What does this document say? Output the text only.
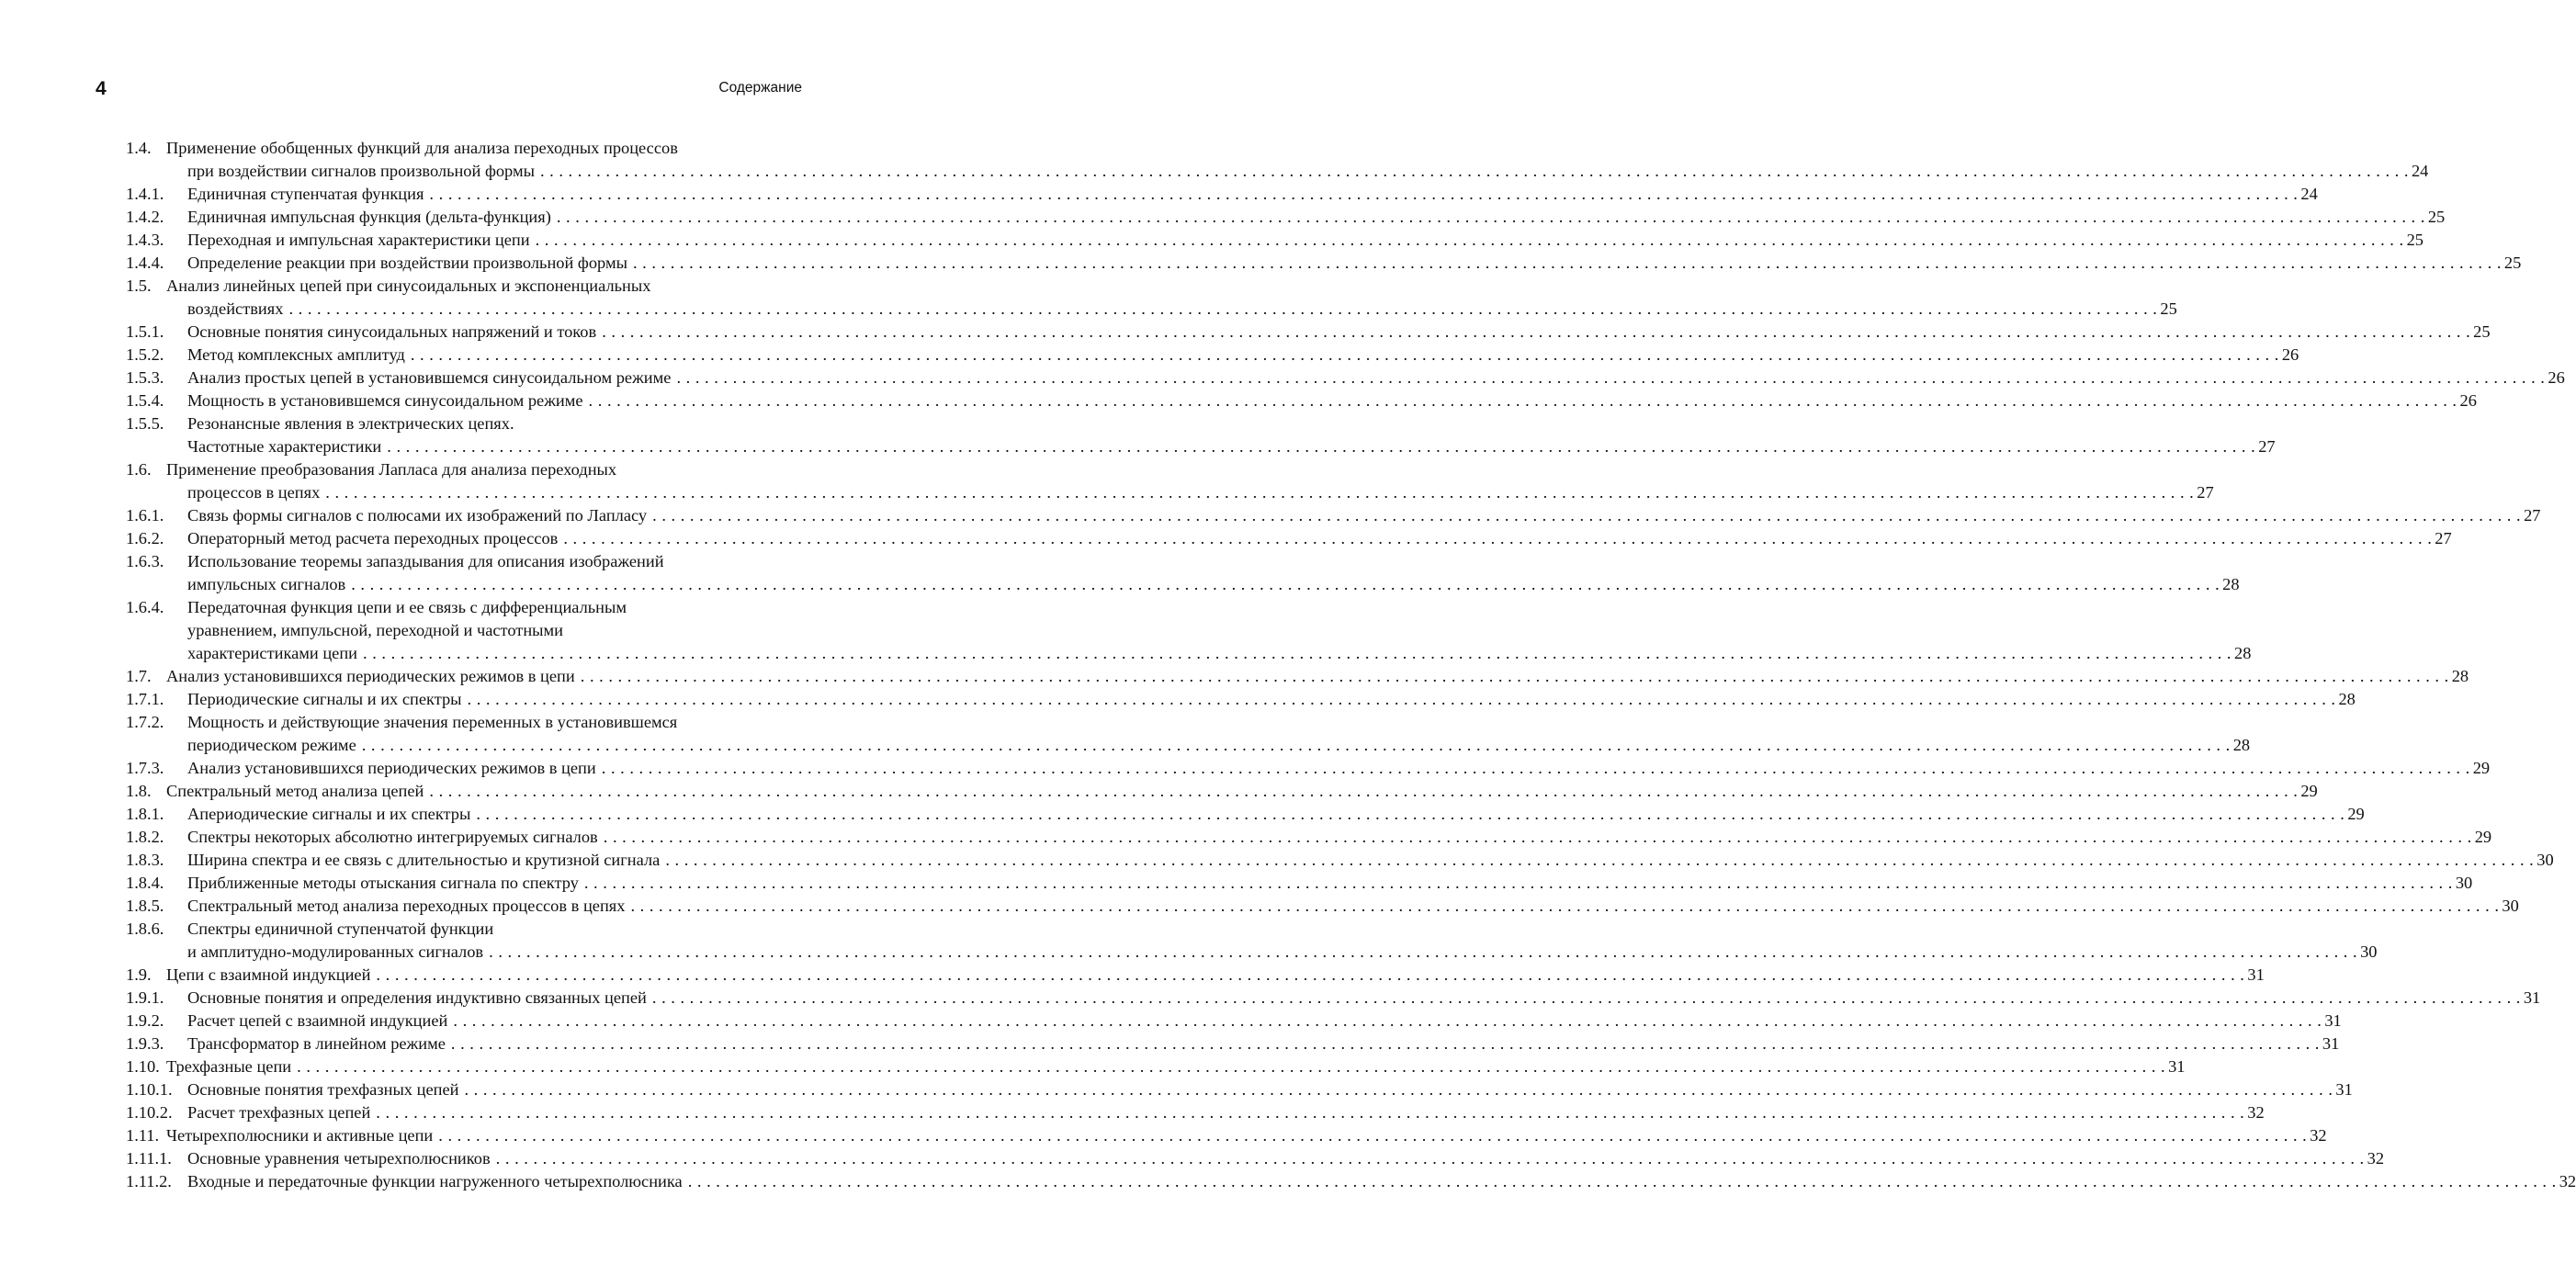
4	Содержание
1.4. Применение обобщенных функций для анализа переходных процессов
при воздействии сигналов произвольной формы . . . . . . . . . . . . . . . . . . . . . . . . . . . . . . . . . . . . . . . . . . . . . . . . . . . . . . . . . . . . . . . . . . . . . . . . . . . . . . . . . . . . . . . . . . . . . . . . . . . . . . . . . . . . . . . . . . . . . . . . . . . . . . . . . . . . . . . . . . . . . . . . . . . . . . . . . . . . . . . . . . . . . . . . . . . . . . . . . . . . . . . . . . . . . . . . . . . . . . . . 24
1.4.1. Единичная ступенчатая функция . . . . . . . . . . . . . . . . . . . . . . . . . . . . . . . . . . . . . . . . . . . . . . . . . . . . . . . . . . . . . . . . . . . . . . . . . . . . . . . . . . . . . . . . . . . . . . . . . . . . . . . . . . . . . . . . . . . . . . . . . . . . . . . . . . . . . . . . . . . . . . . . . . . . . . . . . . . . . . . . . . . . . . . . . . . . . . . . . . . . . . . . . . . . . . . . . . . . . . . . 24
1.4.2. Единичная импульсная функция (дельта-функция) . . . . . . . . . . . . . . . . . . . . . . . . . . . . . . . . . . . . . . . . . . . . . . . . . . . . . . . . . . . . . . . . . . . . . . . . . . . . . . . . . . . . . . . . . . . . . . . . . . . . . . . . . . . . . . . . . . . . . . . . . . . . . . . . . . . . . . . . . . . . . . . . . . . . . . . . . . . . . . . . . . . . . . . . . . . . . . . . . . . . . . . . . . . . . . . . . . . . . . . . 25
1.4.3. Переходная и импульсная характеристики цепи . . . . . . . . . . . . . . . . . . . . . . . . . . . . . . . . . . . . . . . . . . . . . . . . . . . . . . . . . . . . . . . . . . . . . . . . . . . . . . . . . . . . . . . . . . . . . . . . . . . . . . . . . . . . . . . . . . . . . . . . . . . . . . . . . . . . . . . . . . . . . . . . . . . . . . . . . . . . . . . . . . . . . . . . . . . . . . . . . . . . . . . . . . . . . . . . . . . . . . . . 25
1.4.4. Определение реакции при воздействии произвольной формы . . . . . . . . . . . . . . . . . . . . . . . . . . . . . . . . . . . . . . . . . . . . . . . . . . . . . . . . . . . . . . . . . . . . . . . . . . . . . . . . . . . . . . . . . . . . . . . . . . . . . . . . . . . . . . . . . . . . . . . . . . . . . . . . . . . . . . . . . . . . . . . . . . . . . . . . . . . . . . . . . . . . . . . . . . . . . . . . . . . . . . . . . . . . . . . . . . . . . . . . 25
1.5. Анализ линейных цепей при синусоидальных и экспоненциальных
воздействиях . . . . . . . . . . . . . . . . . . . . . . . . . . . . . . . . . . . . . . . . . . . . . . . . . . . . . . . . . . . . . . . . . . . . . . . . . . . . . . . . . . . . . . . . . . . . . . . . . . . . . . . . . . . . . . . . . . . . . . . . . . . . . . . . . . . . . . . . . . . . . . . . . . . . . . . . . . . . . . . . . . . . . . . . . . . . . . . . . . . . . . . . . . . . . . . . . . . . . . . . 25
1.5.1. Основные понятия синусоидальных напряжений и токов . . . . . . . . . . . . . . . . . . . . . . . . . . . . . . . . . . . . . . . . . . . . . . . . . . . . . . . . . . . . . . . . . . . . . . . . . . . . . . . . . . . . . . . . . . . . . . . . . . . . . . . . . . . . . . . . . . . . . . . . . . . . . . . . . . . . . . . . . . . . . . . . . . . . . . . . . . . . . . . . . . . . . . . . . . . . . . . . . . . . . . . . . . . . . . . . . . . . . . . . 25
1.5.2. Метод комплексных амплитуд . . . . . . . . . . . . . . . . . . . . . . . . . . . . . . . . . . . . . . . . . . . . . . . . . . . . . . . . . . . . . . . . . . . . . . . . . . . . . . . . . . . . . . . . . . . . . . . . . . . . . . . . . . . . . . . . . . . . . . . . . . . . . . . . . . . . . . . . . . . . . . . . . . . . . . . . . . . . . . . . . . . . . . . . . . . . . . . . . . . . . . . . . . . . . . . . . . . . . . . . 26
1.5.3. Анализ простых цепей в установившемся синусоидальном режиме . . . . . . . . . . . . . . . . . . . . . . . . . . . . . . . . . . . . . . . . . . . . . . . . . . . . . . . . . . . . . . . . . . . . . . . . . . . . . . . . . . . . . . . . . . . . . . . . . . . . . . . . . . . . . . . . . . . . . . . . . . . . . . . . . . . . . . . . . . . . . . . . . . . . . . . . . . . . . . . . . . . . . . . . . . . . . . . . . . . . . . . . . . . . . . . . . . . . . . . . 26
1.5.4. Мощность в установившемся синусоидальном режиме . . . . . . . . . . . . . . . . . . . . . . . . . . . . . . . . . . . . . . . . . . . . . . . . . . . . . . . . . . . . . . . . . . . . . . . . . . . . . . . . . . . . . . . . . . . . . . . . . . . . . . . . . . . . . . . . . . . . . . . . . . . . . . . . . . . . . . . . . . . . . . . . . . . . . . . . . . . . . . . . . . . . . . . . . . . . . . . . . . . . . . . . . . . . . . . . . . . . . . . . 26
1.5.5. Резонансные явления в электрических цепях.
Частотные характеристики . . . . . . . . . . . . . . . . . . . . . . . . . . . . . . . . . . . . . . . . . . . . . . . . . . . . . . . . . . . . . . . . . . . . . . . . . . . . . . . . . . . . . . . . . . . . . . . . . . . . . . . . . . . . . . . . . . . . . . . . . . . . . . . . . . . . . . . . . . . . . . . . . . . . . . . . . . . . . . . . . . . . . . . . . . . . . . . . . . . . . . . . . . . . . . . . . . . . . . . . 27
1.6. Применение преобразования Лапласа для анализа переходных
процессов в цепях . . . . . . . . . . . . . . . . . . . . . . . . . . . . . . . . . . . . . . . . . . . . . . . . . . . . . . . . . . . . . . . . . . . . . . . . . . . . . . . . . . . . . . . . . . . . . . . . . . . . . . . . . . . . . . . . . . . . . . . . . . . . . . . . . . . . . . . . . . . . . . . . . . . . . . . . . . . . . . . . . . . . . . . . . . . . . . . . . . . . . . . . . . . . . . . . . . . . . . . . 27
1.6.1. Связь формы сигналов с полюсами их изображений по Лапласу . . . . . . . . . . . . . . . . . . . . . . . . . . . . . . . . . . . . . . . . . . . . . . . . . . . . . . . . . . . . . . . . . . . . . . . . . . . . . . . . . . . . . . . . . . . . . . . . . . . . . . . . . . . . . . . . . . . . . . . . . . . . . . . . . . . . . . . . . . . . . . . . . . . . . . . . . . . . . . . . . . . . . . . . . . . . . . . . . . . . . . . . . . . . . . . . . . . . . . . . 27
1.6.2. Операторный метод расчета переходных процессов . . . . . . . . . . . . . . . . . . . . . . . . . . . . . . . . . . . . . . . . . . . . . . . . . . . . . . . . . . . . . . . . . . . . . . . . . . . . . . . . . . . . . . . . . . . . . . . . . . . . . . . . . . . . . . . . . . . . . . . . . . . . . . . . . . . . . . . . . . . . . . . . . . . . . . . . . . . . . . . . . . . . . . . . . . . . . . . . . . . . . . . . . . . . . . . . . . . . . . . . 27
1.6.3. Использование теоремы запаздывания для описания изображений
импульсных сигналов . . . . . . . . . . . . . . . . . . . . . . . . . . . . . . . . . . . . . . . . . . . . . . . . . . . . . . . . . . . . . . . . . . . . . . . . . . . . . . . . . . . . . . . . . . . . . . . . . . . . . . . . . . . . . . . . . . . . . . . . . . . . . . . . . . . . . . . . . . . . . . . . . . . . . . . . . . . . . . . . . . . . . . . . . . . . . . . . . . . . . . . . . . . . . . . . . . . . . . . . 28
1.6.4. Передаточная функция цепи и ее связь с дифференциальным
уравнением, импульсной, переходной и частотными
характеристиками цепи . . . . . . . . . . . . . . . . . . . . . . . . . . . . . . . . . . . . . . . . . . . . . . . . . . . . . . . . . . . . . . . . . . . . . . . . . . . . . . . . . . . . . . . . . . . . . . . . . . . . . . . . . . . . . . . . . . . . . . . . . . . . . . . . . . . . . . . . . . . . . . . . . . . . . . . . . . . . . . . . . . . . . . . . . . . . . . . . . . . . . . . . . . . . . . . . . . . . . . . . 28
1.7. Анализ установившихся периодических режимов в цепи . . . . . . . . . . . . . . . . . . . . . . . . . . . . . . . . . . . . . . . . . . . . . . . . . . . . . . . . . . . . . . . . . . . . . . . . . . . . . . . . . . . . . . . . . . . . . . . . . . . . . . . . . . . . . . . . . . . . . . . . . . . . . . . . . . . . . . . . . . . . . . . . . . . . . . . . . . . . . . . . . . . . . . . . . . . . . . . . . . . . . . . . . . . . . . . . . . . . . . . . 28
1.7.1. Периодические сигналы и их спектры . . . . . . . . . . . . . . . . . . . . . . . . . . . . . . . . . . . . . . . . . . . . . . . . . . . . . . . . . . . . . . . . . . . . . . . . . . . . . . . . . . . . . . . . . . . . . . . . . . . . . . . . . . . . . . . . . . . . . . . . . . . . . . . . . . . . . . . . . . . . . . . . . . . . . . . . . . . . . . . . . . . . . . . . . . . . . . . . . . . . . . . . . . . . . . . . . . . . . . . . 28
1.7.2. Мощность и действующие значения переменных в установившемся
периодическом режиме . . . . . . . . . . . . . . . . . . . . . . . . . . . . . . . . . . . . . . . . . . . . . . . . . . . . . . . . . . . . . . . . . . . . . . . . . . . . . . . . . . . . . . . . . . . . . . . . . . . . . . . . . . . . . . . . . . . . . . . . . . . . . . . . . . . . . . . . . . . . . . . . . . . . . . . . . . . . . . . . . . . . . . . . . . . . . . . . . . . . . . . . . . . . . . . . . . . . . . . . 28
1.7.3. Анализ установившихся периодических режимов в цепи . . . . . . . . . . . . . . . . . . . . . . . . . . . . . . . . . . . . . . . . . . . . . . . . . . . . . . . . . . . . . . . . . . . . . . . . . . . . . . . . . . . . . . . . . . . . . . . . . . . . . . . . . . . . . . . . . . . . . . . . . . . . . . . . . . . . . . . . . . . . . . . . . . . . . . . . . . . . . . . . . . . . . . . . . . . . . . . . . . . . . . . . . . . . . . . . . . . . . . . . 29
1.8. Спектральный метод анализа цепей . . . . . . . . . . . . . . . . . . . . . . . . . . . . . . . . . . . . . . . . . . . . . . . . . . . . . . . . . . . . . . . . . . . . . . . . . . . . . . . . . . . . . . . . . . . . . . . . . . . . . . . . . . . . . . . . . . . . . . . . . . . . . . . . . . . . . . . . . . . . . . . . . . . . . . . . . . . . . . . . . . . . . . . . . . . . . . . . . . . . . . . . . . . . . . . . . . . . . . . . 29
1.8.1. Апериодические сигналы и их спектры . . . . . . . . . . . . . . . . . . . . . . . . . . . . . . . . . . . . . . . . . . . . . . . . . . . . . . . . . . . . . . . . . . . . . . . . . . . . . . . . . . . . . . . . . . . . . . . . . . . . . . . . . . . . . . . . . . . . . . . . . . . . . . . . . . . . . . . . . . . . . . . . . . . . . . . . . . . . . . . . . . . . . . . . . . . . . . . . . . . . . . . . . . . . . . . . . . . . . . . . 29
1.8.2. Спектры некоторых абсолютно интегрируемых сигналов . . . . . . . . . . . . . . . . . . . . . . . . . . . . . . . . . . . . . . . . . . . . . . . . . . . . . . . . . . . . . . . . . . . . . . . . . . . . . . . . . . . . . . . . . . . . . . . . . . . . . . . . . . . . . . . . . . . . . . . . . . . . . . . . . . . . . . . . . . . . . . . . . . . . . . . . . . . . . . . . . . . . . . . . . . . . . . . . . . . . . . . . . . . . . . . . . . . . . . . . 29
1.8.3. Ширина спектра и ее связь с длительностью и крутизной сигнала . . . . . . . . . . . . . . . . . . . . . . . . . . . . . . . . . . . . . . . . . . . . . . . . . . . . . . . . . . . . . . . . . . . . . . . . . . . . . . . . . . . . . . . . . . . . . . . . . . . . . . . . . . . . . . . . . . . . . . . . . . . . . . . . . . . . . . . . . . . . . . . . . . . . . . . . . . . . . . . . . . . . . . . . . . . . . . . . . . . . . . . . . . . . . . . . . . . . . . . . 30
1.8.4. Приближенные методы отыскания сигнала по спектру . . . . . . . . . . . . . . . . . . . . . . . . . . . . . . . . . . . . . . . . . . . . . . . . . . . . . . . . . . . . . . . . . . . . . . . . . . . . . . . . . . . . . . . . . . . . . . . . . . . . . . . . . . . . . . . . . . . . . . . . . . . . . . . . . . . . . . . . . . . . . . . . . . . . . . . . . . . . . . . . . . . . . . . . . . . . . . . . . . . . . . . . . . . . . . . . . . . . . . . . 30
1.8.5. Спектральный метод анализа переходных процессов в цепях . . . . . . . . . . . . . . . . . . . . . . . . . . . . . . . . . . . . . . . . . . . . . . . . . . . . . . . . . . . . . . . . . . . . . . . . . . . . . . . . . . . . . . . . . . . . . . . . . . . . . . . . . . . . . . . . . . . . . . . . . . . . . . . . . . . . . . . . . . . . . . . . . . . . . . . . . . . . . . . . . . . . . . . . . . . . . . . . . . . . . . . . . . . . . . . . . . . . . . . . 30
1.8.6. Спектры единичной ступенчатой функции
и амплитудно-модулированных сигналов . . . . . . . . . . . . . . . . . . . . . . . . . . . . . . . . . . . . . . . . . . . . . . . . . . . . . . . . . . . . . . . . . . . . . . . . . . . . . . . . . . . . . . . . . . . . . . . . . . . . . . . . . . . . . . . . . . . . . . . . . . . . . . . . . . . . . . . . . . . . . . . . . . . . . . . . . . . . . . . . . . . . . . . . . . . . . . . . . . . . . . . . . . . . . . . . . . . . . . . . 30
1.9. Цепи с взаимной индукцией . . . . . . . . . . . . . . . . . . . . . . . . . . . . . . . . . . . . . . . . . . . . . . . . . . . . . . . . . . . . . . . . . . . . . . . . . . . . . . . . . . . . . . . . . . . . . . . . . . . . . . . . . . . . . . . . . . . . . . . . . . . . . . . . . . . . . . . . . . . . . . . . . . . . . . . . . . . . . . . . . . . . . . . . . . . . . . . . . . . . . . . . . . . . . . . . . . . . . . . . 31
1.9.1. Основные понятия и определения индуктивно связанных цепей . . . . . . . . . . . . . . . . . . . . . . . . . . . . . . . . . . . . . . . . . . . . . . . . . . . . . . . . . . . . . . . . . . . . . . . . . . . . . . . . . . . . . . . . . . . . . . . . . . . . . . . . . . . . . . . . . . . . . . . . . . . . . . . . . . . . . . . . . . . . . . . . . . . . . . . . . . . . . . . . . . . . . . . . . . . . . . . . . . . . . . . . . . . . . . . . . . . . . . . . 31
1.9.2. Расчет цепей с взаимной индукцией . . . . . . . . . . . . . . . . . . . . . . . . . . . . . . . . . . . . . . . . . . . . . . . . . . . . . . . . . . . . . . . . . . . . . . . . . . . . . . . . . . . . . . . . . . . . . . . . . . . . . . . . . . . . . . . . . . . . . . . . . . . . . . . . . . . . . . . . . . . . . . . . . . . . . . . . . . . . . . . . . . . . . . . . . . . . . . . . . . . . . . . . . . . . . . . . . . . . . . . . 31
1.9.3. Трансформатор в линейном режиме . . . . . . . . . . . . . . . . . . . . . . . . . . . . . . . . . . . . . . . . . . . . . . . . . . . . . . . . . . . . . . . . . . . . . . . . . . . . . . . . . . . . . . . . . . . . . . . . . . . . . . . . . . . . . . . . . . . . . . . . . . . . . . . . . . . . . . . . . . . . . . . . . . . . . . . . . . . . . . . . . . . . . . . . . . . . . . . . . . . . . . . . . . . . . . . . . . . . . . . . 31
1.10. Трехфазные цепи . . . . . . . . . . . . . . . . . . . . . . . . . . . . . . . . . . . . . . . . . . . . . . . . . . . . . . . . . . . . . . . . . . . . . . . . . . . . . . . . . . . . . . . . . . . . . . . . . . . . . . . . . . . . . . . . . . . . . . . . . . . . . . . . . . . . . . . . . . . . . . . . . . . . . . . . . . . . . . . . . . . . . . . . . . . . . . . . . . . . . . . . . . . . . . . . . . . . . . . . 31
1.10.1. Основные понятия трехфазных цепей . . . . . . . . . . . . . . . . . . . . . . . . . . . . . . . . . . . . . . . . . . . . . . . . . . . . . . . . . . . . . . . . . . . . . . . . . . . . . . . . . . . . . . . . . . . . . . . . . . . . . . . . . . . . . . . . . . . . . . . . . . . . . . . . . . . . . . . . . . . . . . . . . . . . . . . . . . . . . . . . . . . . . . . . . . . . . . . . . . . . . . . . . . . . . . . . . . . . . . . . 31
1.10.2. Расчет трехфазных цепей . . . . . . . . . . . . . . . . . . . . . . . . . . . . . . . . . . . . . . . . . . . . . . . . . . . . . . . . . . . . . . . . . . . . . . . . . . . . . . . . . . . . . . . . . . . . . . . . . . . . . . . . . . . . . . . . . . . . . . . . . . . . . . . . . . . . . . . . . . . . . . . . . . . . . . . . . . . . . . . . . . . . . . . . . . . . . . . . . . . . . . . . . . . . . . . . . . . . . . . . 32
1.11. Четырехполюсники и активные цепи . . . . . . . . . . . . . . . . . . . . . . . . . . . . . . . . . . . . . . . . . . . . . . . . . . . . . . . . . . . . . . . . . . . . . . . . . . . . . . . . . . . . . . . . . . . . . . . . . . . . . . . . . . . . . . . . . . . . . . . . . . . . . . . . . . . . . . . . . . . . . . . . . . . . . . . . . . . . . . . . . . . . . . . . . . . . . . . . . . . . . . . . . . . . . . . . . . . . . . . . 32
1.11.1. Основные уравнения четырехполюсников . . . . . . . . . . . . . . . . . . . . . . . . . . . . . . . . . . . . . . . . . . . . . . . . . . . . . . . . . . . . . . . . . . . . . . . . . . . . . . . . . . . . . . . . . . . . . . . . . . . . . . . . . . . . . . . . . . . . . . . . . . . . . . . . . . . . . . . . . . . . . . . . . . . . . . . . . . . . . . . . . . . . . . . . . . . . . . . . . . . . . . . . . . . . . . . . . . . . . . . . 32
1.11.2. Входные и передаточные функции нагруженного четырехполюсника . . . . . . . . . . . . . . . . . . . . . . . . . . . . . . . . . . . . . . . . . . . . . . . . . . . . . . . . . . . . . . . . . . . . . . . . . . . . . . . . . . . . . . . . . . . . . . . . . . . . . . . . . . . . . . . . . . . . . . . . . . . . . . . . . . . . . . . . . . . . . . . . . . . . . . . . . . . . . . . . . . . . . . . . . . . . . . . . . . . . . . . . . . . . . . . . . . . . . . . . 32
